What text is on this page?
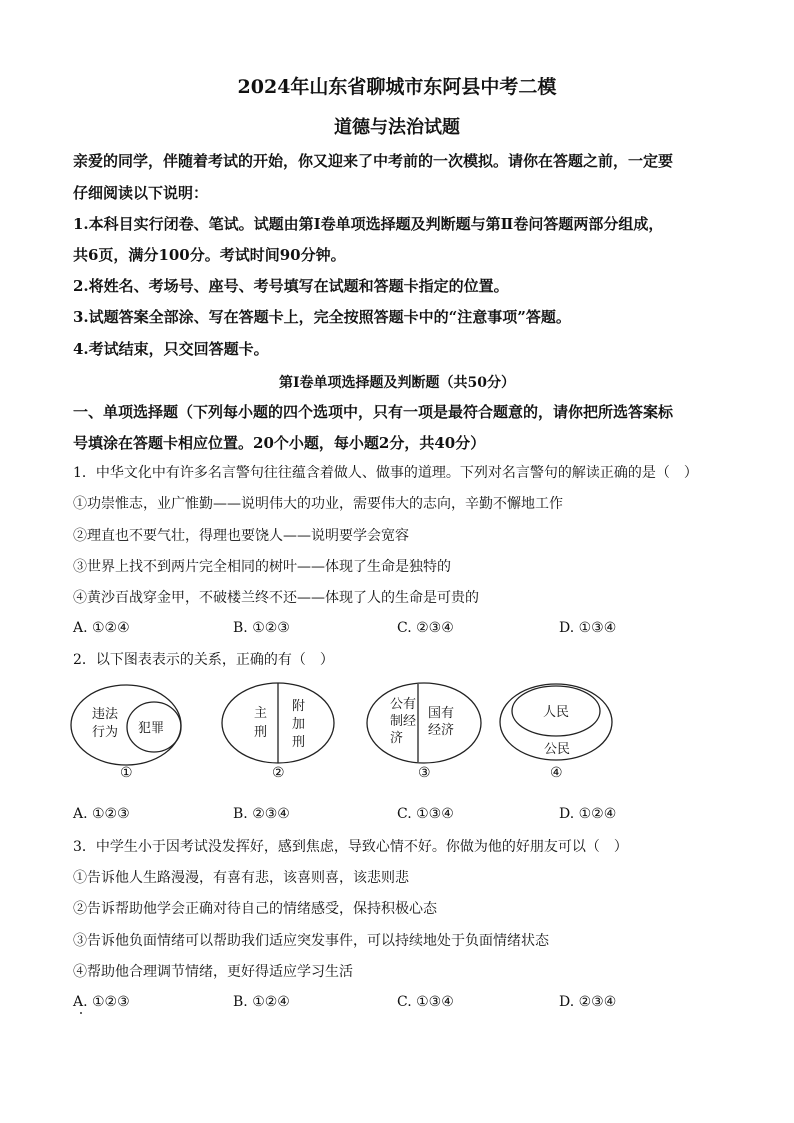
2024年山东省聊城市东阿县中考二模
道德与法治试题
亲爱的同学，伴随着考试的开始，你又迎来了中考前的一次模拟。请你在答题之前，一定要
仔细阅读以下说明：
1.本科目实行闭卷、笔试。试题由第Ⅰ卷单项选择题及判断题与第Ⅱ卷问答题两部分组成，
共6页，满分100分。考试时间90分钟。
2.将姓名、考场号、座号、考号填写在试题和答题卡指定的位置。
3.试题答案全部涂、写在答题卡上，完全按照答题卡中的“注意事项”答题。
4.考试结束，只交回答题卡。
第Ⅰ卷单项选择题及判断题（共50分）
一、单项选择题（下列每小题的四个选项中，只有一项是最符合题意的，请你把所选答案标
号填涂在答题卡相应位置。20个小题，每小题2分，共40分）
1．中华文化中有许多名言警句往往蕴含着做人、做事的道理。下列对名言警句的解读正确的是（　）
①功崇惟志，业广惟勤——说明伟大的功业，需要伟大的志向，辛勤不懈地工作
②理直也不要气壮，得理也要饶人——说明要学会宽容
③世界上找不到两片完全相同的树叶——体现了生命是独特的
④黄沙百战穿金甲，不破楼兰终不还——体现了人的生命是可贵的
A. ①②④	B. ①②③	C. ②③④	D. ①③④
2．以下图表表示的关系，正确的有（　）
违法
行为 犯罪
①
主
刑
附
加
刑
②
公有
制经
济
国有
经济
③
人民
公民
④
A. ①②③	B. ②③④	C. ①③④	D. ①②④
3．中学生小于因考试没发挥好，感到焦虑，导致心情不好。你做为他的好朋友可以（　）
①告诉他人生路漫漫，有喜有悲，该喜则喜，该悲则悲
②告诉帮助他学会正确对待自己的情绪感受，保持积极心态
③告诉他负面情绪可以帮助我们适应突发事件，可以持续地处于负面情绪状态
④帮助他合理调节情绪，更好得适应学习生活
A. ①②③	B. ①②④	C. ①③④	D. ②③④
